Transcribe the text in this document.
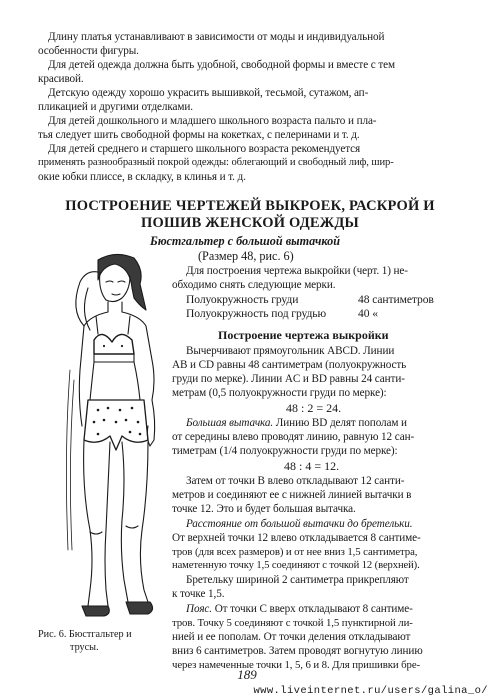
Длину платья устанавливают в зависимости от моды и индивидуальной
особенности фигуры.
Для детей одежда должна быть удобной, свободной формы и вместе с тем
красивой.
Детскую одежду хорошо украсить вышивкой, тесьмой, сутажом, ап-
пликацией и другими отделками.
Для детей дошкольного и младшего школьного возраста пальто и пла-
тья следует шить свободной формы на кокетках, с пелеринами и т. д.
Для детей среднего и старшего школьного возраста рекомендуется
применять разнообразный покрой одежды: облегающий и свободный лиф, шир-
окие юбки плиссе, в складку, в клинья и т. д.
ПОСТРОЕНИЕ ЧЕРТЕЖЕЙ ВЫКРОЕК, РАСКРОЙ И
ПОШИВ ЖЕНСКОЙ ОДЕЖДЫ
Бюстгальтер с большой вытачкой
(Размер 48, рис. 6)
Для построения чертежа выкройки (черт. 1) не-
обходимо снять следующие мерки.
Полуокружность груди	48 сантиметров
Полуокружность под грудью	40 «
Построение чертежа выкройки
Вычерчивают прямоугольник ABCD. Линии
AB и CD равны 48 сантиметрам (полуокружность
груди по мерке). Линии AC и BD равны 24 санти-
метрам (0,5 полуокружности груди по мерке):
48 : 2 = 24.
Большая вытачка. Линию BD делят пополам и
от середины влево проводят линию, равную 12 сан-
тиметрам (1/4 полуокружности груди по мерке):
48 : 4 = 12.
Затем от точки B влево откладывают 12 санти-
метров и соединяют ее с нижней линией вытачки в
точке 12. Это и будет большая вытачка.
Расстояние от большой вытачки до бретельки.
От верхней точки 12 влево откладывается 8 сантиме-
тров (для всех размеров) и от нее вниз 1,5 сантиметра,
наметенную точку 1,5 соединяют с точкой 12 (верхней).
Бретельку шириной 2 сантиметра прикрепляют
к точке 1,5.
Пояс. От точки C вверх откладывают 8 сантиме-
тров. Точку 5 соединяют с точкой 1,5 пунктирной ли-
нией и ее пополам. От точки деления откладывают
вниз 6 сантиметров. Затем проводят вогнутую линию
через намеченные точки 1, 5, 6 и 8. Для пришивки бре-
Рис. 6. Бюстгальтер и
трусы.
189
www.liveinternet.ru/users/galina_o/
